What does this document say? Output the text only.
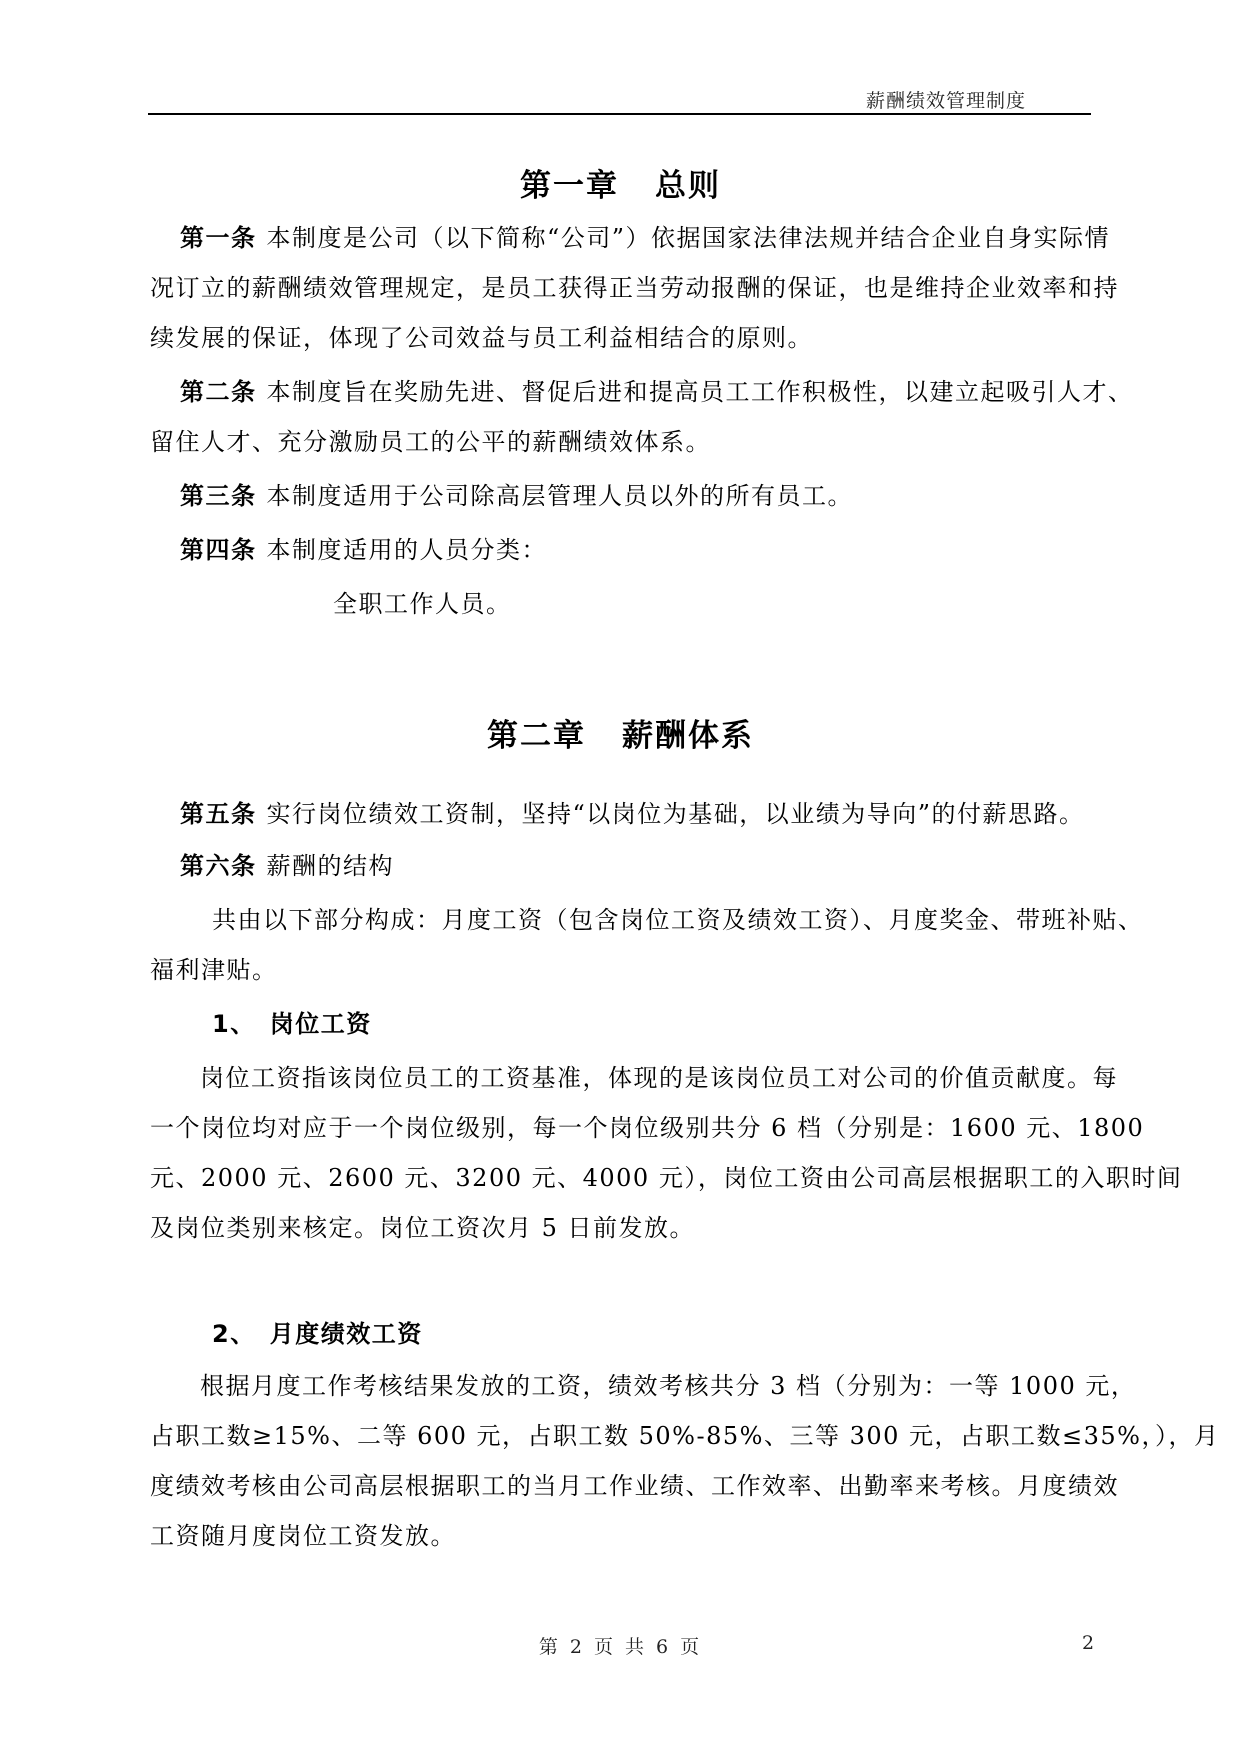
薪酬绩效管理制度
第一章 总则
第一条 本制度是公司（以下简称“公司”）依据国家法律法规并结合企业自身实际情
况订立的薪酬绩效管理规定，是员工获得正当劳动报酬的保证，也是维持企业效率和持
续发展的保证，体现了公司效益与员工利益相结合的原则。
第二条 本制度旨在奖励先进、督促后进和提高员工工作积极性，以建立起吸引人才、
留住人才、充分激励员工的公平的薪酬绩效体系。
第三条 本制度适用于公司除高层管理人员以外的所有员工。
第四条 本制度适用的人员分类：
全职工作人员。
第二章 薪酬体系
第五条 实行岗位绩效工资制，坚持“以岗位为基础，以业绩为导向”的付薪思路。
第六条 薪酬的结构
共由以下部分构成：月度工资（包含岗位工资及绩效工资）、月度奖金、带班补贴、
福利津贴。
1、 岗位工资
岗位工资指该岗位员工的工资基准，体现的是该岗位员工对公司的价值贡献度。每
一个岗位均对应于一个岗位级别，每一个岗位级别共分 6 档（分别是：1600 元、1800
元、2000 元、2600 元、3200 元、4000 元），岗位工资由公司高层根据职工的入职时间
及岗位类别来核定。岗位工资次月 5 日前发放。
2、 月度绩效工资
根据月度工作考核结果发放的工资，绩效考核共分 3 档（分别为：一等 1000 元，
占职工数≥15%、二等 600 元，占职工数 50%-85%、三等 300 元，占职工数≤35%，），月
度绩效考核由公司高层根据职工的当月工作业绩、工作效率、出勤率来考核。月度绩效
工资随月度岗位工资发放。
第 2 页 共 6 页	2
